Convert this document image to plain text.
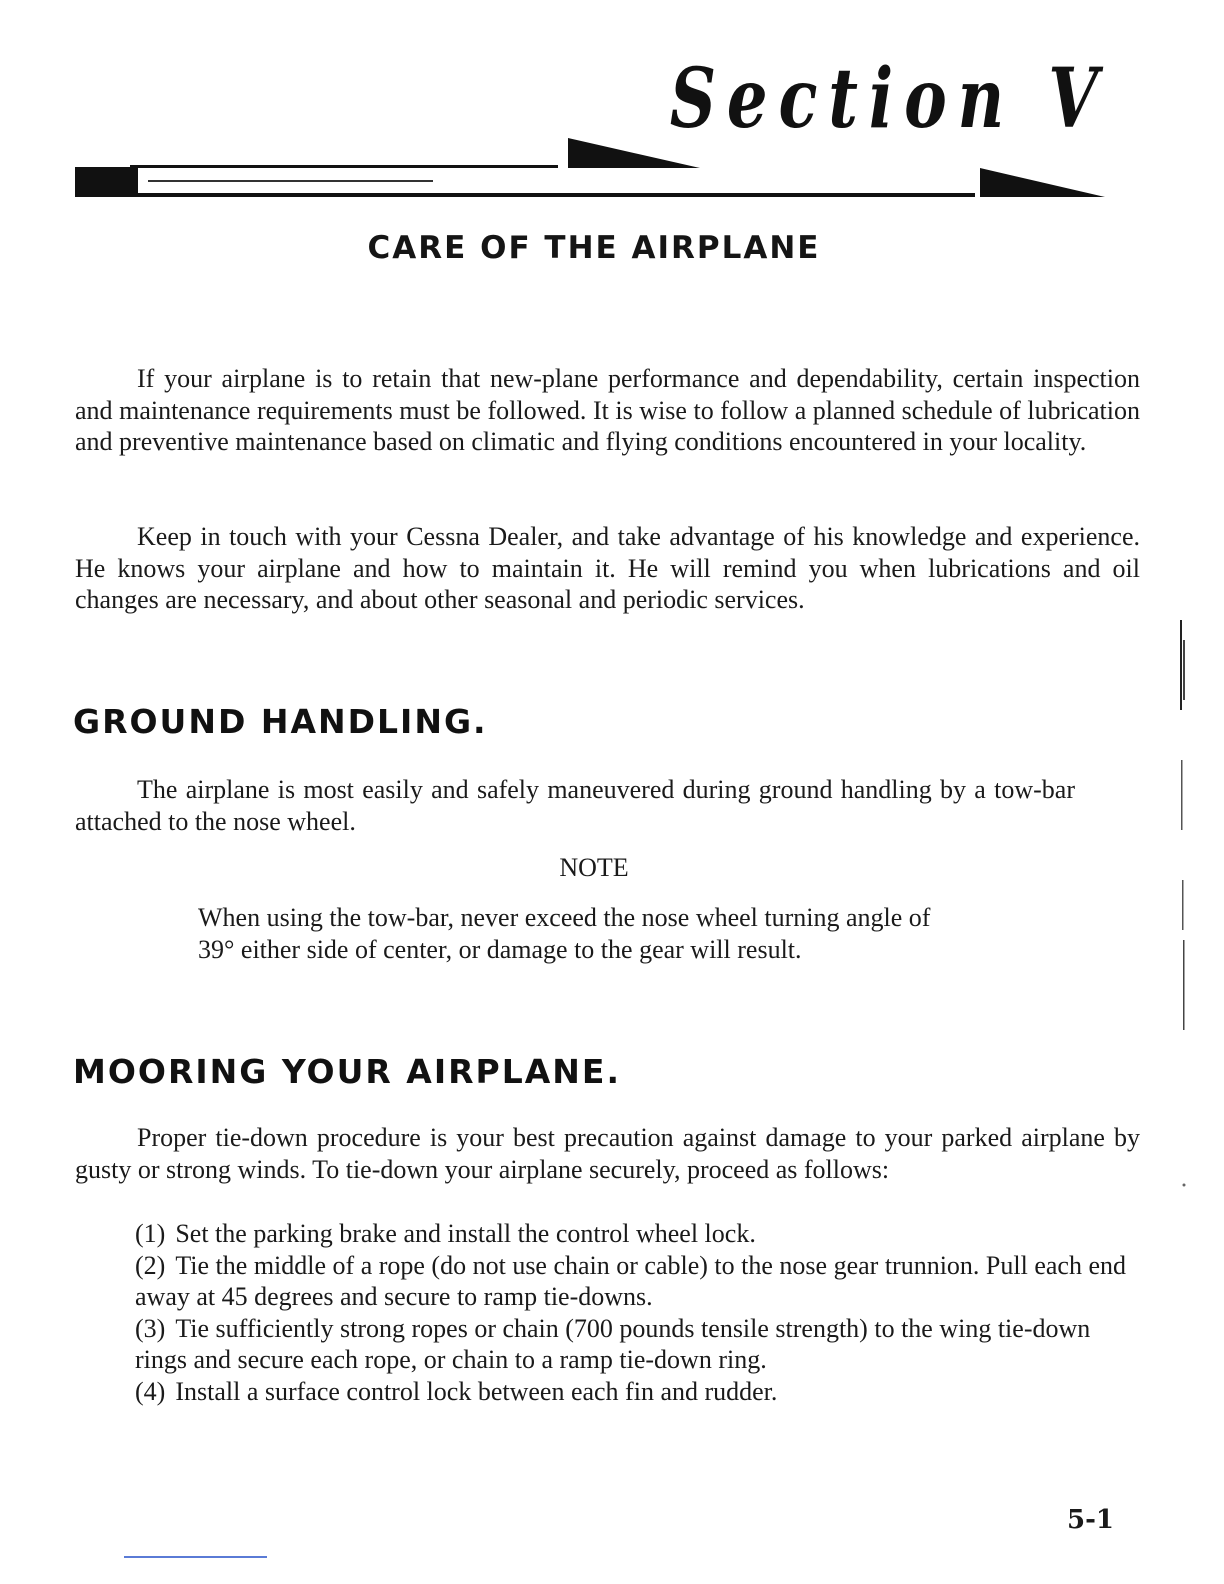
Section V
CARE OF THE AIRPLANE

If your airplane is to retain that new-plane performance and dependability, certain inspection and maintenance requirements must be followed. It is wise to follow a planned schedule of lubrication and preventive maintenance based on climatic and flying conditions encountered in your locality.

Keep in touch with your Cessna Dealer, and take advantage of his knowledge and experience. He knows your airplane and how to maintain it. He will remind you when lubrications and oil changes are necessary, and about other seasonal and periodic services.

GROUND HANDLING.

The airplane is most easily and safely maneuvered during ground handling by a tow-bar attached to the nose wheel.

NOTE

When using the tow-bar, never exceed the nose wheel turning angle of 39° either side of center, or damage to the gear will result.

MOORING YOUR AIRPLANE.

Proper tie-down procedure is your best precaution against damage to your parked airplane by gusty or strong winds. To tie-down your airplane securely, proceed as follows:

(1) Set the parking brake and install the control wheel lock.
(2) Tie the middle of a rope (do not use chain or cable) to the nose gear trunnion. Pull each end away at 45 degrees and secure to ramp tie-downs.
(3) Tie sufficiently strong ropes or chain (700 pounds tensile strength) to the wing tie-down rings and secure each rope, or chain to a ramp tie-down ring.
(4) Install a surface control lock between each fin and rudder.

5-1
